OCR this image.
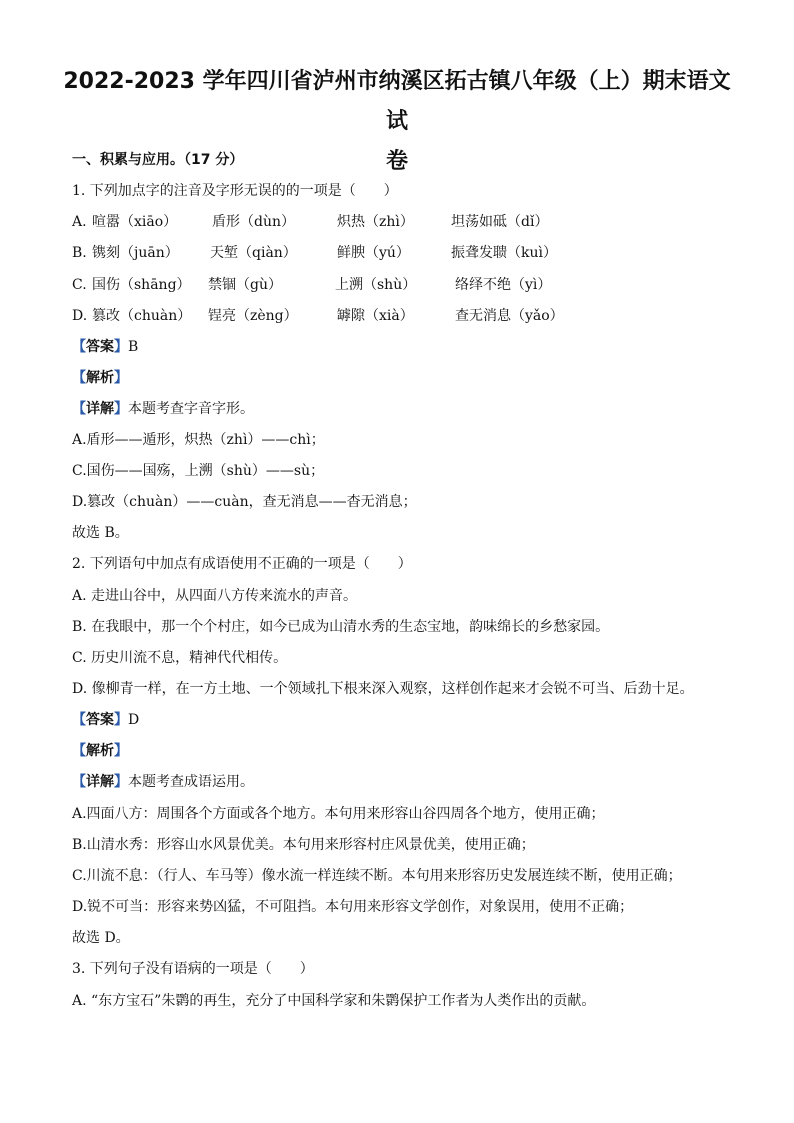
2022-2023 学年四川省泸州市纳溪区拓古镇八年级（上）期末语文试
卷
一、积累与应用。（17 分）
1. 下列加点字的注音及字形无误的的一项是（　　）
A. 喧嚣（xiāo） 盾形（dùn）	炽热（zhì）	坦荡如砥（dǐ）
B. 镌刻（juān） 天堑（qiàn）	鲜腴（yú）	振聋发聩（kuì）
C. 国伤（shāng） 禁锢（gù）	上溯（shù）	络绎不绝（yì）
D. 篡改（chuàn） 锃亮（zèng）	罅隙（xià）	查无消息（yǎo）
【答案】B
【解析】
【详解】本题考查字音字形。
A.盾形——遁形，炽热（zhì）——chì；
C.国伤——国殇，上溯（shù）——sù；
D.篡改（chuàn）——cuàn，查无消息——杳无消息；
故选 B。
2. 下列语句中加点有成语使用不正确的一项是（　　）
A. 走进山谷中，从四面八方传来流水的声音。
B. 在我眼中，那一个个村庄，如今已成为山清水秀的生态宝地，韵味绵长的乡愁家园。
C. 历史川流不息，精神代代相传。
D. 像柳青一样，在一方土地、一个领域扎下根来深入观察，这样创作起来才会锐不可当、后劲十足。
【答案】D
【解析】
【详解】本题考查成语运用。
A.四面八方：周围各个方面或各个地方。本句用来形容山谷四周各个地方，使用正确；
B.山清水秀：形容山水风景优美。本句用来形容村庄风景优美，使用正确；
C.川流不息：（行人、车马等）像水流一样连续不断。本句用来形容历史发展连续不断，使用正确；
D.锐不可当：形容来势凶猛，不可阻挡。本句用来形容文学创作，对象误用，使用不正确；
故选 D。
3. 下列句子没有语病的一项是（　　）
A. “东方宝石”朱鹮的再生，充分了中国科学家和朱鹮保护工作者为人类作出的贡献。
